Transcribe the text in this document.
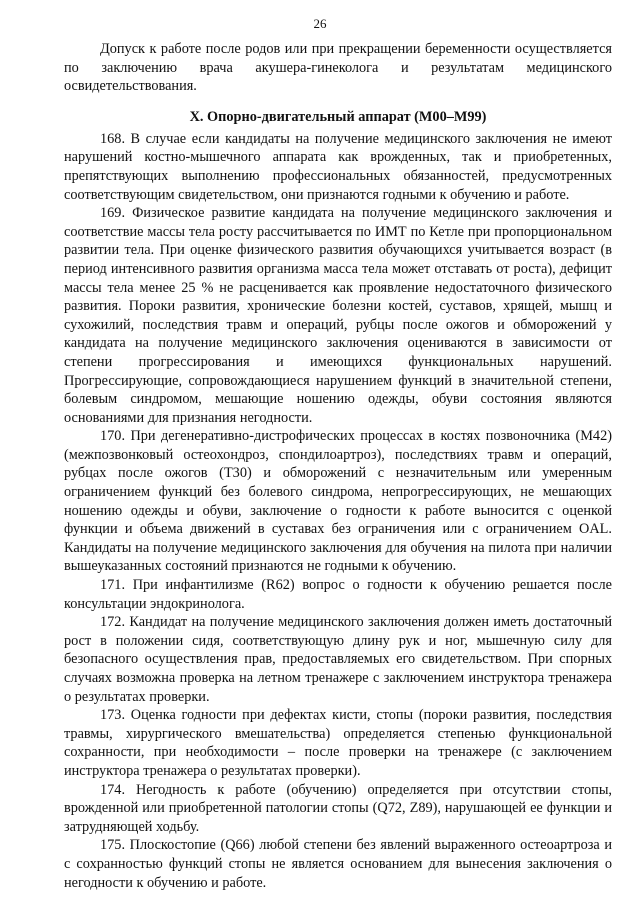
26

Допуск к работе после родов или при прекращении беременности осуществляется по заключению врача акушера-гинеколога и результатам медицинского освидетельствования.

X. Опорно-двигательный аппарат (M00–M99)

168. В случае если кандидаты на получение медицинского заключения не имеют нарушений костно-мышечного аппарата как врожденных, так и приобретенных, препятствующих выполнению профессиональных обязанностей, предусмотренных соответствующим свидетельством, они признаются годными к обучению и работе.

169. Физическое развитие кандидата на получение медицинского заключения и соответствие массы тела росту рассчитывается по ИМТ по Кетле при пропорциональном развитии тела. При оценке физического развития обучающихся учитывается возраст (в период интенсивного развития организма масса тела может отставать от роста), дефицит массы тела менее 25 % не расценивается как проявление недостаточного физического развития. Пороки развития, хронические болезни костей, суставов, хрящей, мышц и сухожилий, последствия травм и операций, рубцы после ожогов и обморожений у кандидата на получение медицинского заключения оцениваются в зависимости от степени прогрессирования и имеющихся функциональных нарушений. Прогрессирующие, сопровождающиеся нарушением функций в значительной степени, болевым синдромом, мешающие ношению одежды, обуви состояния являются основаниями для признания негодности.

170. При дегенеративно-дистрофических процессах в костях позвоночника (M42) (межпозвонковый остеохондроз, спондилоартроз), последствиях травм и операций, рубцах после ожогов (T30) и обморожений с незначительным или умеренным ограничением функций без болевого синдрома, непрогрессирующих, не мешающих ношению одежды и обуви, заключение о годности к работе выносится с оценкой функции и объема движений в суставах без ограничения или с ограничением OAL. Кандидаты на получение медицинского заключения для обучения на пилота при наличии вышеуказанных состояний признаются не годными к обучению.

171. При инфантилизме (R62) вопрос о годности к обучению решается после консультации эндокринолога.

172. Кандидат на получение медицинского заключения должен иметь достаточный рост в положении сидя, соответствующую длину рук и ног, мышечную силу для безопасного осуществления прав, предоставляемых его свидетельством. При спорных случаях возможна проверка на летном тренажере с заключением инструктора тренажера о результатах проверки.

173. Оценка годности при дефектах кисти, стопы (пороки развития, последствия травмы, хирургического вмешательства) определяется степенью функциональной сохранности, при необходимости – после проверки на тренажере (с заключением инструктора тренажера о результатах проверки).

174. Негодность к работе (обучению) определяется при отсутствии стопы, врожденной или приобретенной патологии стопы (Q72, Z89), нарушающей ее функции и затрудняющей ходьбу.

175. Плоскостопие (Q66) любой степени без явлений выраженного остеоартроза и с сохранностью функций стопы не является основанием для вынесения заключения о негодности к обучению и работе.
